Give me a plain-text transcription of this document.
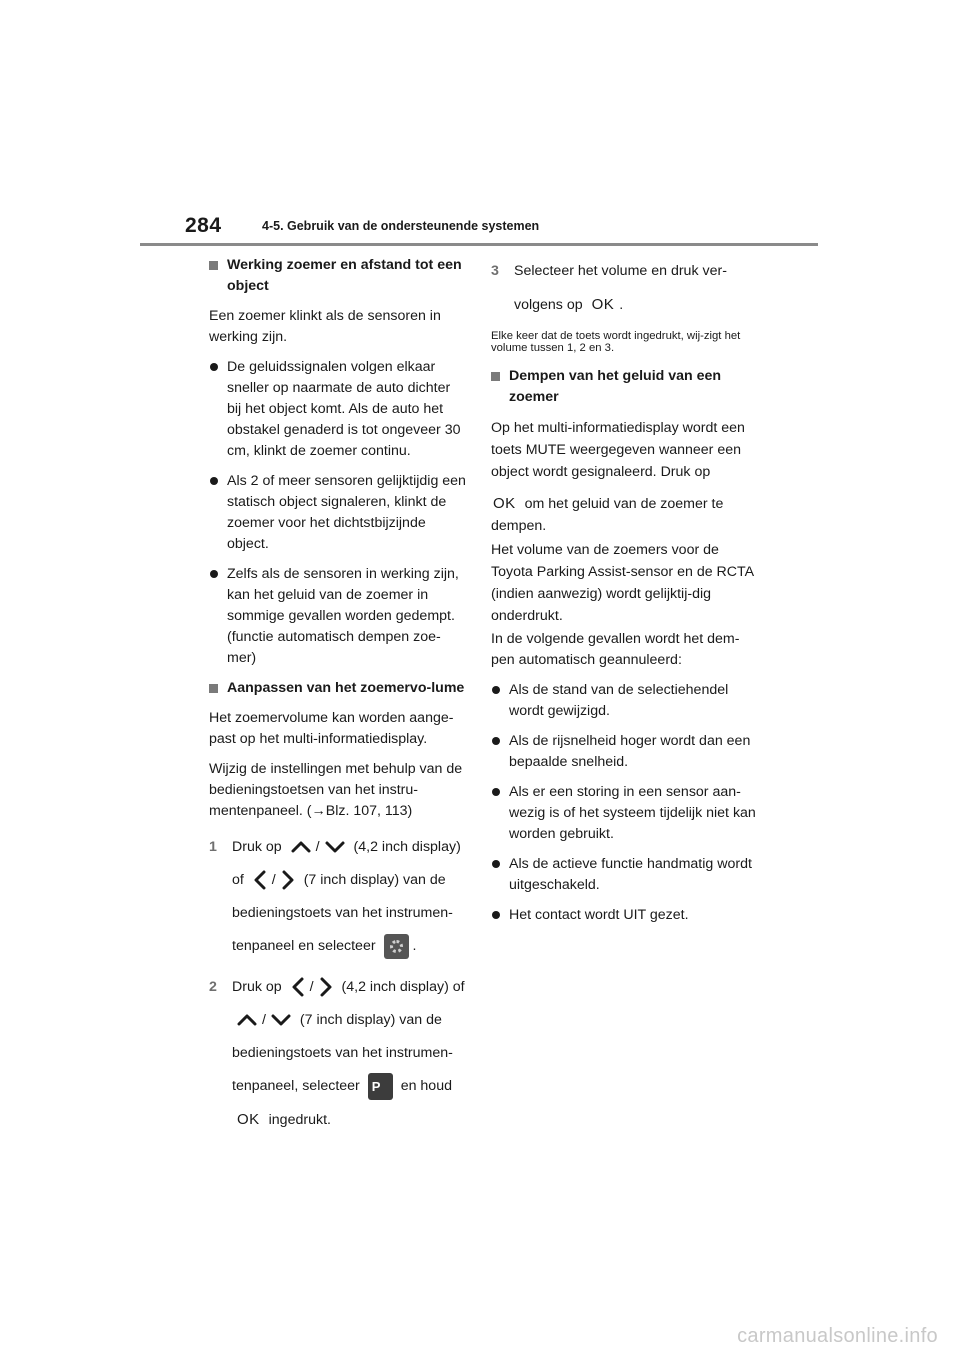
284	4-5. Gebruik van de ondersteunende systemen
Werking zoemer en afstand tot een object

Een zoemer klinkt als de sensoren in werking zijn.

De geluidssignalen volgen elkaar sneller op naarmate de auto dichter bij het object komt. Als de auto het obstakel genaderd is tot ongeveer 30 cm, klinkt de zoemer continu.
Als 2 of meer sensoren gelijktijdig een statisch object signaleren, klinkt de zoemer voor het dichtstbijzijnde object.
Zelfs als de sensoren in werking zijn, kan het geluid van de zoemer in sommige gevallen worden gedempt. (functie automatisch dempen zoe-mer)
Aanpassen van het zoemervo-lume

Het zoemervolume kan worden aange-past op het multi-informatiedisplay.

Wijzig de instellingen met behulp van de bedieningstoetsen van het instru-mentenpaneel. (→Blz. 107, 113)

1 Druk op / (4,2 inch display) of / (7 inch display) van de bedieningstoets van het instrumen-tenpaneel en selecteer	.
2 Druk op / (4,2 inch display) of / (7 inch display) van de bedieningstoets van het instrumen-tenpaneel, selecteer P en houd OK ingedrukt.
3 Selecteer het volume en druk ver-volgens op OK .

Elke keer dat de toets wordt ingedrukt, wij-zigt het volume tussen 1, 2 en 3.

Dempen van het geluid van een zoemer

Op het multi-informatiedisplay wordt een toets MUTE weergegeven wanneer een object wordt gesignaleerd. Druk op
OK om het geluid van de zoemer te dempen.

Het volume van de zoemers voor de Toyota Parking Assist-sensor en de RCTA (indien aanwezig) wordt gelijktij-dig onderdrukt.

In de volgende gevallen wordt het dem-pen automatisch geannuleerd:

Als de stand van de selectiehendel wordt gewijzigd.
Als de rijsnelheid hoger wordt dan een bepaalde snelheid.
Als er een storing in een sensor aan-wezig is of het systeem tijdelijk niet kan worden gebruikt.
Als de actieve functie handmatig wordt uitgeschakeld.
Het contact wordt UIT gezet.
carmanualsonline.info
